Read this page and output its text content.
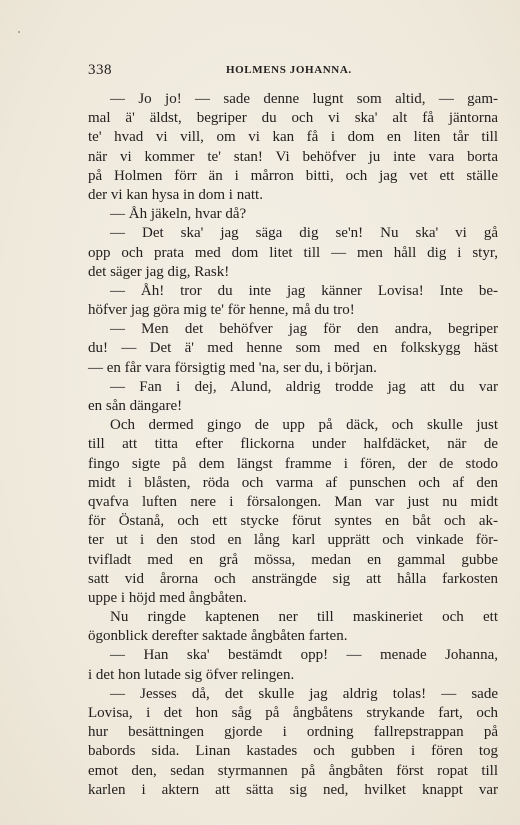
338	HOLMENS JOHANNA.
— Jo jo! — sade denne lugnt som altid, — gam-
mal ä' äldst, begriper du och vi ska' alt få jäntorna
te' hvad vi vill, om vi kan få i dom en liten tår till
när vi kommer te' stan! Vi behöfver ju inte vara borta
på Holmen förr än i mårron bitti, och jag vet ett ställe
der vi kan hysa in dom i natt.
— Åh jäkeln, hvar då?
— Det ska' jag säga dig se'n! Nu ska' vi gå
opp och prata med dom litet till — men håll dig i styr,
det säger jag dig, Rask!
— Åh! tror du inte jag känner Lovisa! Inte be-
höfver jag göra mig te' för henne, må du tro!
— Men det behöfver jag för den andra, begriper
du! — Det ä' med henne som med en folkskygg häst
— en får vara försigtig med 'na, ser du, i början.
— Fan i dej, Alund, aldrig trodde jag att du var
en sån dängare!
Och dermed gingo de upp på däck, och skulle just
till att titta efter flickorna under halfdäcket, när de
fingo sigte på dem längst framme i fören, der de stodo
midt i blåsten, röda och varma af punschen och af den
qvafva luften nere i försalongen. Man var just nu midt
för Östanå, och ett stycke förut syntes en båt och ak-
ter ut i den stod en lång karl upprätt och vinkade för-
tvifladt med en grå mössa, medan en gammal gubbe
satt vid årorna och ansträngde sig att hålla farkosten
uppe i höjd med ångbåten.
Nu ringde kaptenen ner till maskineriet och ett
ögonblick derefter saktade ångbåten farten.
— Han ska' bestämdt opp! — menade Johanna,
i det hon lutade sig öfver relingen.
— Jesses då, det skulle jag aldrig tolas! — sade
Lovisa, i det hon såg på ångbåtens strykande fart, och
hur besättningen gjorde i ordning fallrepstrappan på
babords sida. Linan kastades och gubben i fören tog
emot den, sedan styrmannen på ångbåten först ropat till
karlen i aktern att sätta sig ned, hvilket knappt var
